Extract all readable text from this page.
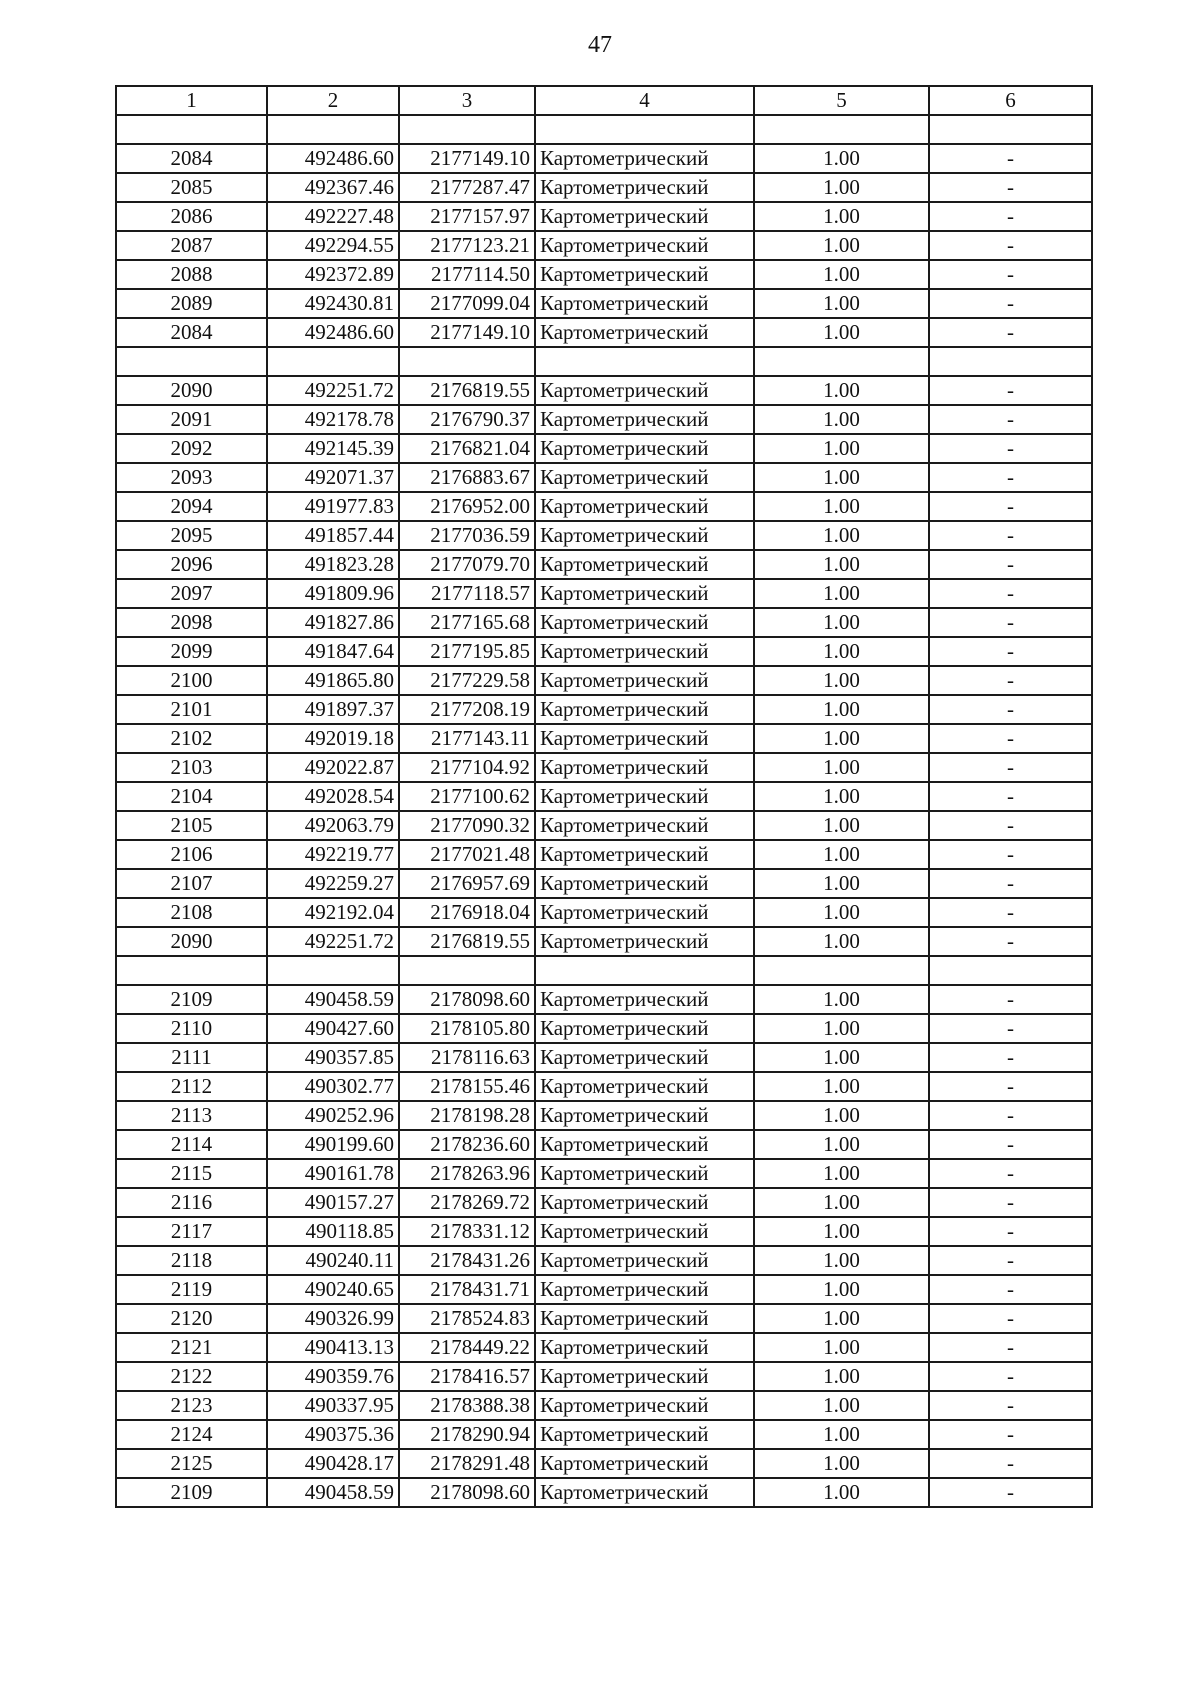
47
1	2	3	4	5	6

2084	492486.60	2177149.10	Картометрический	1.00	-
2085	492367.46	2177287.47	Картометрический	1.00	-
2086	492227.48	2177157.97	Картометрический	1.00	-
2087	492294.55	2177123.21	Картометрический	1.00	-
2088	492372.89	2177114.50	Картометрический	1.00	-
2089	492430.81	2177099.04	Картометрический	1.00	-
2084	492486.60	2177149.10	Картометрический	1.00	-

2090	492251.72	2176819.55	Картометрический	1.00	-
2091	492178.78	2176790.37	Картометрический	1.00	-
2092	492145.39	2176821.04	Картометрический	1.00	-
2093	492071.37	2176883.67	Картометрический	1.00	-
2094	491977.83	2176952.00	Картометрический	1.00	-
2095	491857.44	2177036.59	Картометрический	1.00	-
2096	491823.28	2177079.70	Картометрический	1.00	-
2097	491809.96	2177118.57	Картометрический	1.00	-
2098	491827.86	2177165.68	Картометрический	1.00	-
2099	491847.64	2177195.85	Картометрический	1.00	-
2100	491865.80	2177229.58	Картометрический	1.00	-
2101	491897.37	2177208.19	Картометрический	1.00	-
2102	492019.18	2177143.11	Картометрический	1.00	-
2103	492022.87	2177104.92	Картометрический	1.00	-
2104	492028.54	2177100.62	Картометрический	1.00	-
2105	492063.79	2177090.32	Картометрический	1.00	-
2106	492219.77	2177021.48	Картометрический	1.00	-
2107	492259.27	2176957.69	Картометрический	1.00	-
2108	492192.04	2176918.04	Картометрический	1.00	-
2090	492251.72	2176819.55	Картометрический	1.00	-

2109	490458.59	2178098.60	Картометрический	1.00	-
2110	490427.60	2178105.80	Картометрический	1.00	-
2111	490357.85	2178116.63	Картометрический	1.00	-
2112	490302.77	2178155.46	Картометрический	1.00	-
2113	490252.96	2178198.28	Картометрический	1.00	-
2114	490199.60	2178236.60	Картометрический	1.00	-
2115	490161.78	2178263.96	Картометрический	1.00	-
2116	490157.27	2178269.72	Картометрический	1.00	-
2117	490118.85	2178331.12	Картометрический	1.00	-
2118	490240.11	2178431.26	Картометрический	1.00	-
2119	490240.65	2178431.71	Картометрический	1.00	-
2120	490326.99	2178524.83	Картометрический	1.00	-
2121	490413.13	2178449.22	Картометрический	1.00	-
2122	490359.76	2178416.57	Картометрический	1.00	-
2123	490337.95	2178388.38	Картометрический	1.00	-
2124	490375.36	2178290.94	Картометрический	1.00	-
2125	490428.17	2178291.48	Картометрический	1.00	-
2109	490458.59	2178098.60	Картометрический	1.00	-
